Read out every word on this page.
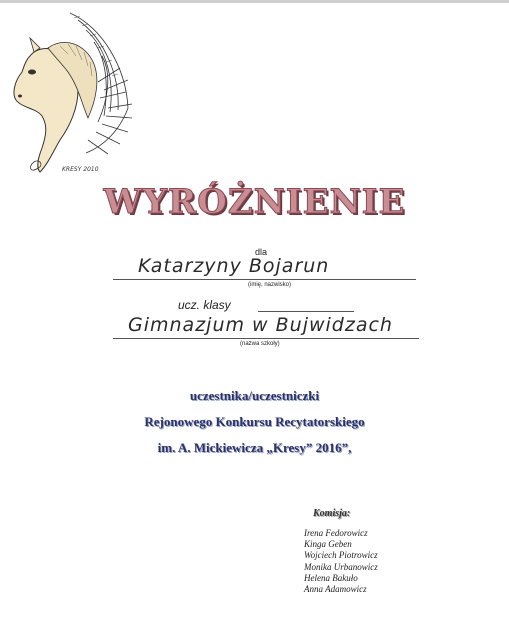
KRESY 2010
WYRÓŻNIENIE
dla
Katarzyny Bojarun
(imię, nazwisko)
ucz. klasy
Gimnazjum w Bujwidzach
(nazwa szkoły)
uczestnika/uczestniczki
Rejonowego Konkursu Recytatorskiego
im. A. Mickiewicza „Kresy” 2016”,
Komisja:
Irena Fedorowicz
Kinga Geben
Wojciech Piotrowicz
Monika Urbanowicz
Helena Bakuło
Anna Adamowicz
